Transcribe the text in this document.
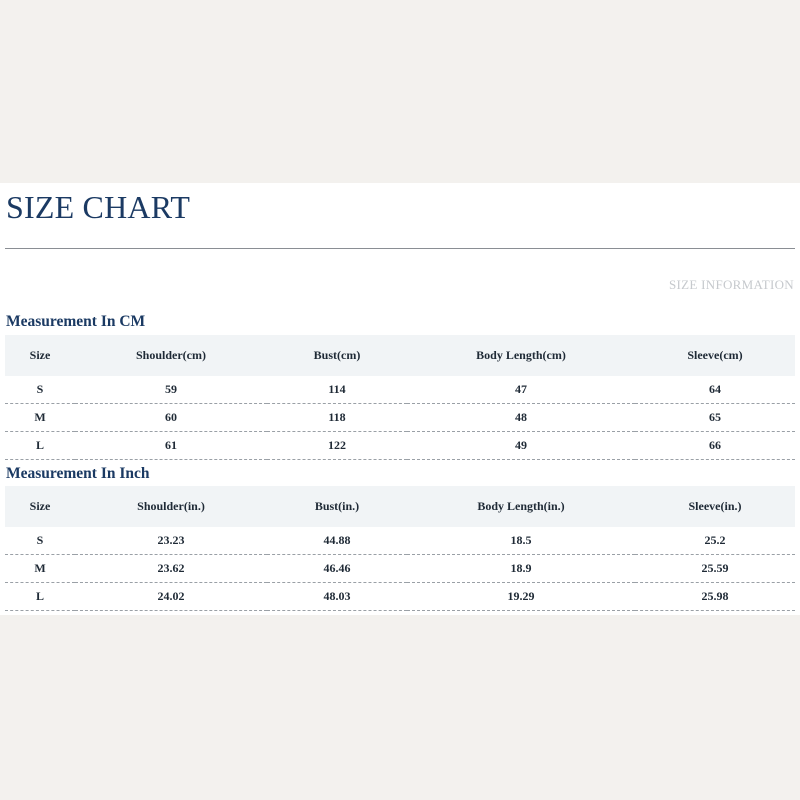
SIZE CHART
SIZE INFORMATION
Measurement In CM
Size	Shoulder(cm)	Bust(cm)	Body Length(cm)	Sleeve(cm)
S	59	114	47	64
M	60	118	48	65
L	61	122	49	66
Measurement In Inch
Size	Shoulder(in.)	Bust(in.)	Body Length(in.)	Sleeve(in.)
S	23.23	44.88	18.5	25.2
M	23.62	46.46	18.9	25.59
L	24.02	48.03	19.29	25.98
